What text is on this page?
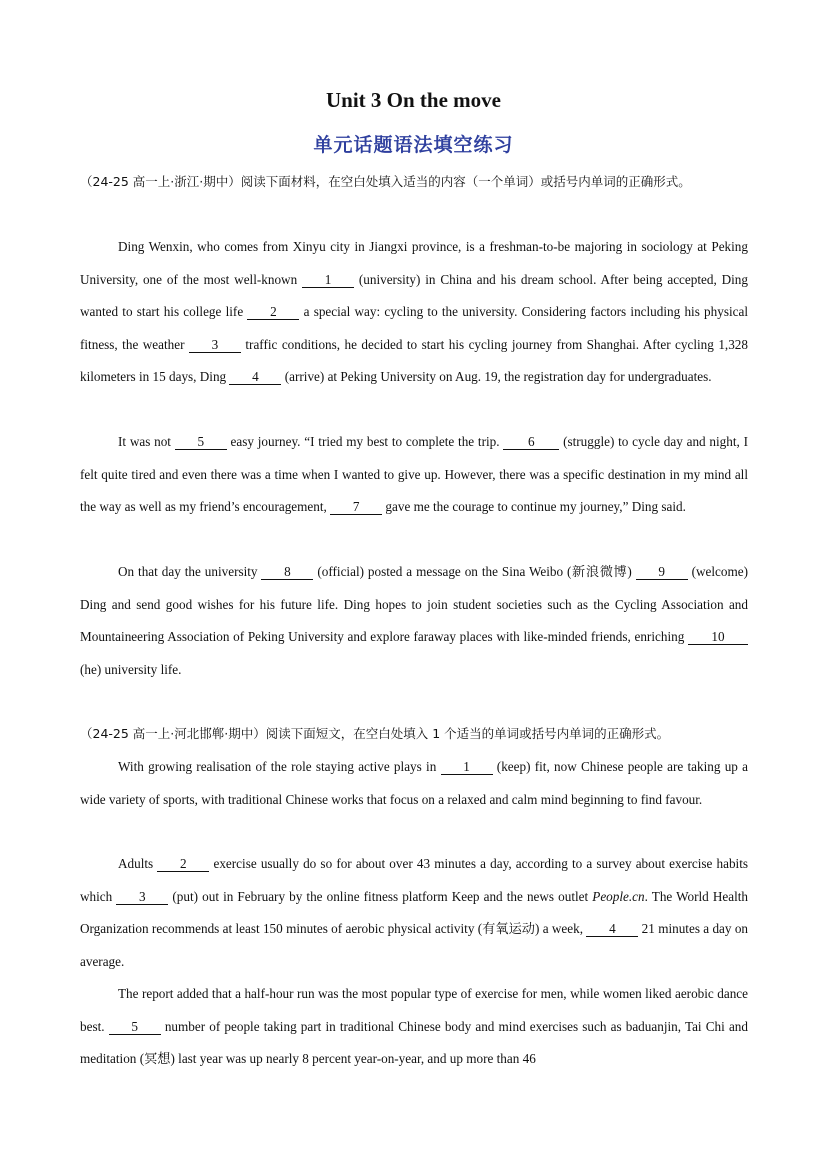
Unit 3 On the move
单元话题语法填空练习
（24-25 高一上·浙江·期中）阅读下面材料，在空白处填入适当的内容（一个单词）或括号内单词的正确形式。
Ding Wenxin, who comes from Xinyu city in Jiangxi province, is a freshman-to-be majoring in sociology at Peking University, one of the most well-known 1 (university) in China and his dream school. After being accepted, Ding wanted to start his college life 2 a special way: cycling to the university. Considering factors including his physical fitness, the weather 3 traffic conditions, he decided to start his cycling journey from Shanghai. After cycling 1,328 kilometers in 15 days, Ding 4 (arrive) at Peking University on Aug. 19, the registration day for undergraduates.
It was not 5 easy journey. “I tried my best to complete the trip. 6 (struggle) to cycle day and night, I felt quite tired and even there was a time when I wanted to give up. However, there was a specific destination in my mind all the way as well as my friend’s encouragement, 7 gave me the courage to continue my journey,” Ding said.
On that day the university 8 (official) posted a message on the Sina Weibo (新浪微博) 9 (welcome) Ding and send good wishes for his future life. Ding hopes to join student societies such as the Cycling Association and Mountaineering Association of Peking University and explore faraway places with like-minded friends, enriching 10(he) university life.
（24-25 高一上·河北邯郸·期中）阅读下面短文，在空白处填入 1 个适当的单词或括号内单词的正确形式。
With growing realisation of the role staying active plays in 1 (keep) fit, now Chinese people are taking up a wide variety of sports, with traditional Chinese works that focus on a relaxed and calm mind beginning to find favour.
Adults 2 exercise usually do so for about over 43 minutes a day, according to a survey about exercise habits which 3 (put) out in February by the online fitness platform Keep and the news outlet People.cn. The World Health Organization recommends at least 150 minutes of aerobic physical activity (有氧运动) a week, 4 21 minutes a day on average.
The report added that a half-hour run was the most popular type of exercise for men, while women liked aerobic dance best. 5 number of people taking part in traditional Chinese body and mind exercises such as baduanjin, Tai Chi and meditation (冥想) last year was up nearly 8 percent year-on-year, and up more than 46
